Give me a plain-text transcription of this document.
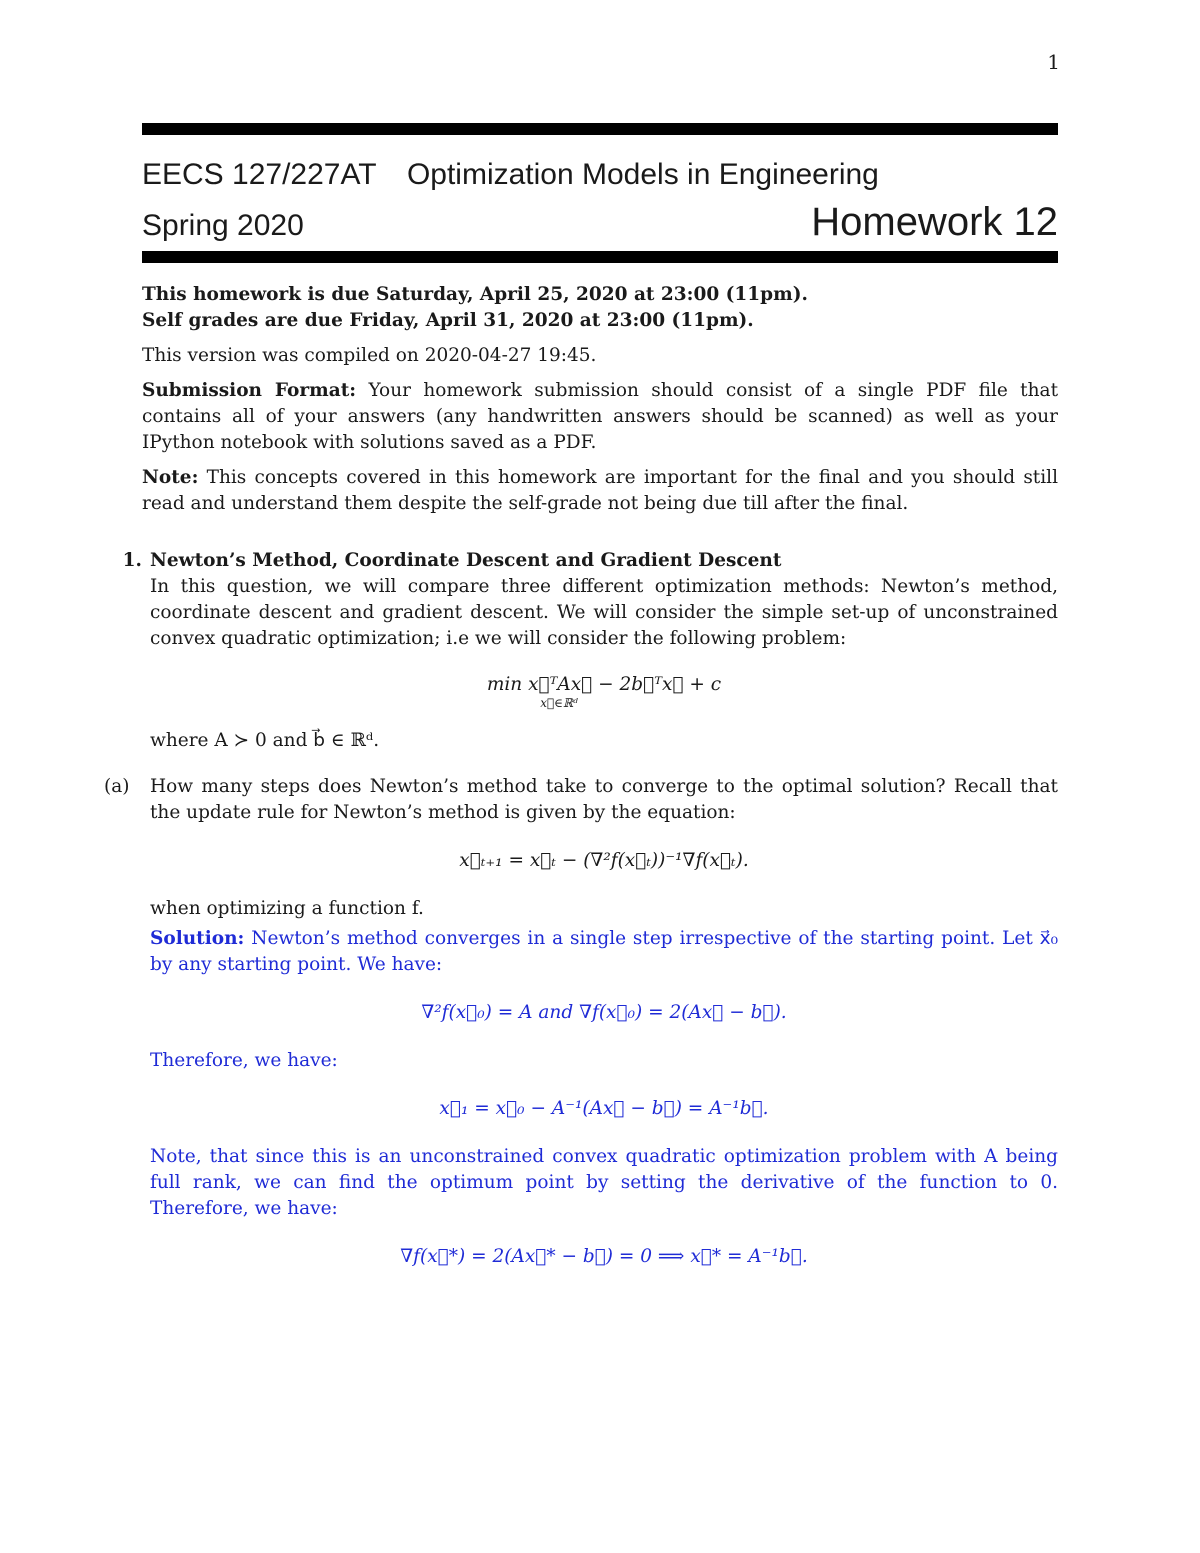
1
EECS 127/227AT Optimization Models in Engineering
Spring 2020	Homework 12

This homework is due Saturday, April 25, 2020 at 23:00 (11pm).

Self grades are due Friday, April 31, 2020 at 23:00 (11pm).

This version was compiled on 2020-04-27 19:45.

Submission Format: Your homework submission should consist of a single PDF file that contains all of your answers (any handwritten answers should be scanned) as well as your IPython notebook with solutions saved as a PDF.

Note: This concepts covered in this homework are important for the final and you should still read and understand them despite the self-grade not being due till after the final.

1. Newton’s Method, Coordinate Descent and Gradient Descent

In this question, we will compare three different optimization methods: Newton’s method, coordinate descent and gradient descent. We will consider the simple set-up of unconstrained convex quadratic optimization; i.e we will consider the following problem:

min x⃗ᵀAx⃗ − 2b⃗ᵀx⃗ + c
x⃗∈ℝᵈ

where A ≻ 0 and b⃗ ∈ ℝᵈ.

(a)	How many steps does Newton’s method take to converge to the optimal solution? Recall that the update rule for Newton’s method is given by the equation:

x⃗ₜ₊₁ = x⃗ₜ − (∇²f(x⃗ₜ))⁻¹∇f(x⃗ₜ).

when optimizing a function f.

Solution: Newton’s method converges in a single step irrespective of the starting point. Let x⃗₀ by any starting point. We have:

∇²f(x⃗₀) = A and ∇f(x⃗₀) = 2(Ax⃗ − b⃗).

Therefore, we have:

x⃗₁ = x⃗₀ − A⁻¹(Ax⃗ − b⃗) = A⁻¹b⃗.

Note, that since this is an unconstrained convex quadratic optimization problem with A being full rank, we can find the optimum point by setting the derivative of the function to 0. Therefore, we have:

∇f(x⃗*) = 2(Ax⃗* − b⃗) = 0 ⟹ x⃗* = A⁻¹b⃗.
